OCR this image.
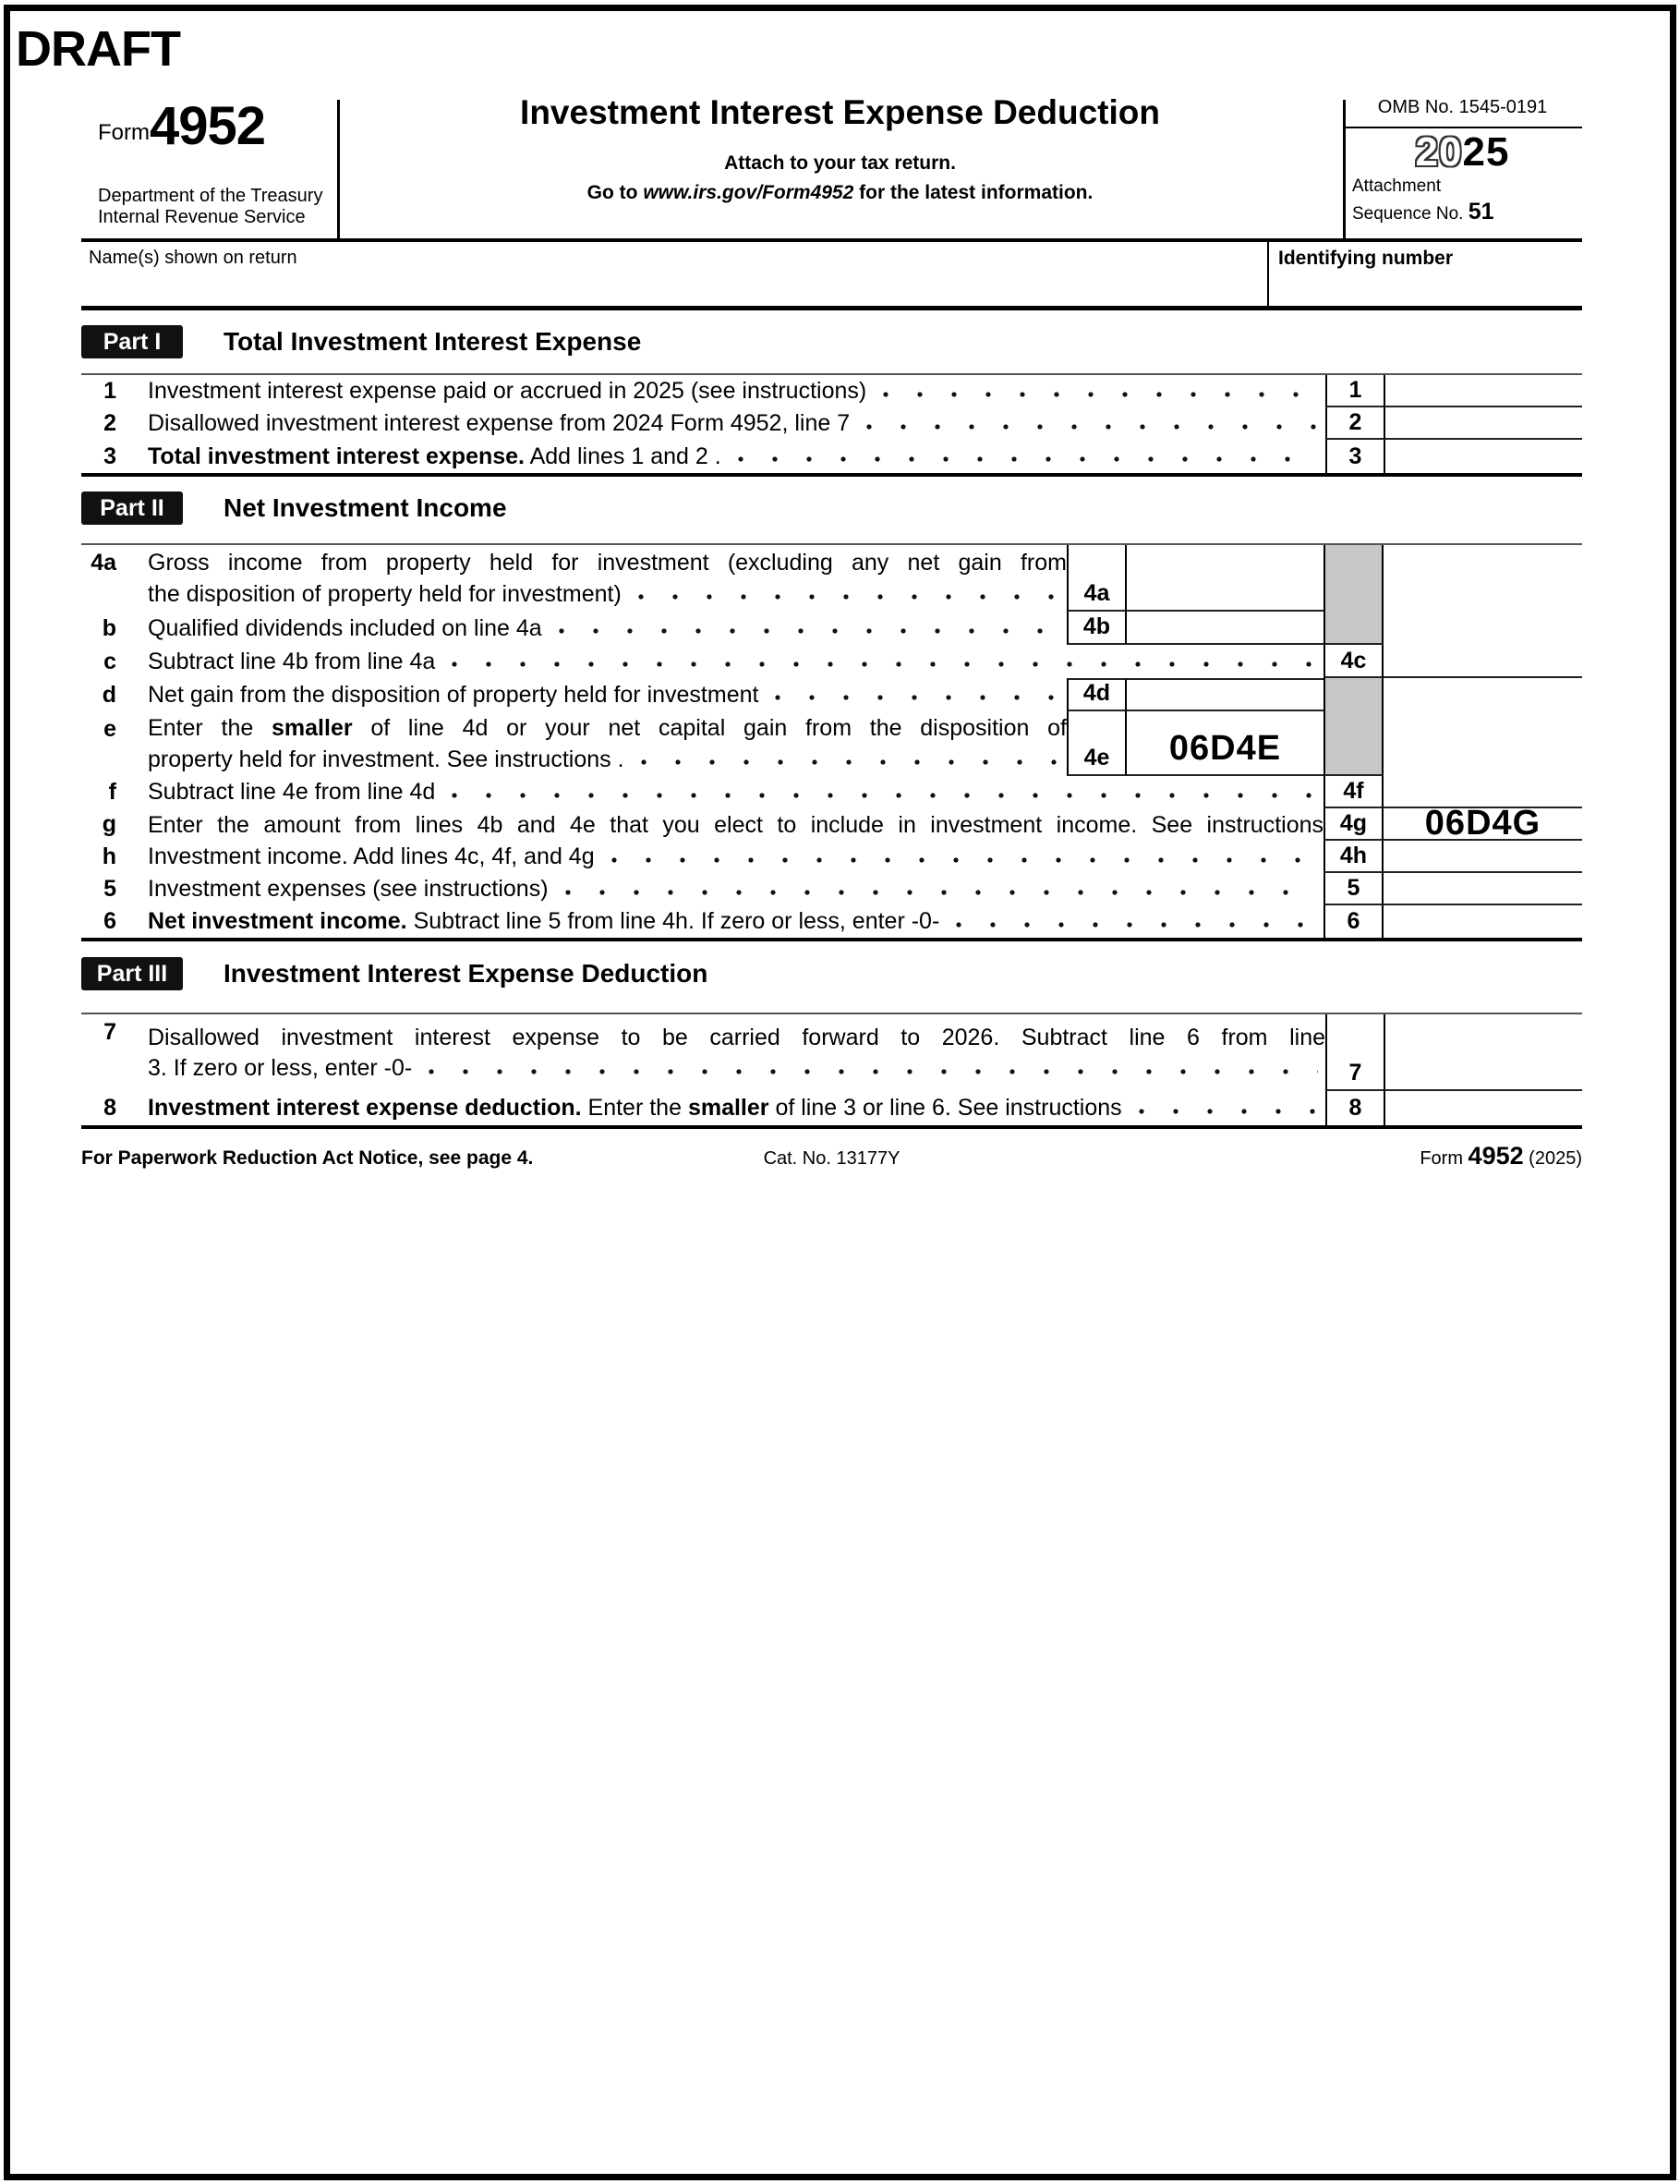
DRAFT
Form 4952
Department of the Treasury
Internal Revenue Service
Investment Interest Expense Deduction
Attach to your tax return.
Go to www.irs.gov/Form4952 for the latest information.
OMB No. 1545-0191
2025
Attachment
Sequence No. 51
Name(s) shown on return	Identifying number
Part I	Total Investment Interest Expense
1	Investment interest expense paid or accrued in 2025 (see instructions)	1
2	Disallowed investment interest expense from 2024 Form 4952, line 7	2
3	Total investment interest expense. Add lines 1 and 2 .	3
Part II	Net Investment Income
4a	Gross income from property held for investment (excluding any net gain from
the disposition of property held for investment)	4a
b	Qualified dividends included on line 4a	4b
c	Subtract line 4b from line 4a	4c
d	Net gain from the disposition of property held for investment	4d
e	Enter the smaller of line 4d or your net capital gain from the disposition of
property held for investment. See instructions .	4e	06D4E
f	Subtract line 4e from line 4d	4f
g	Enter the amount from lines 4b and 4e that you elect to include in investment income. See instructions 4g	06D4G
h	Investment income. Add lines 4c, 4f, and 4g	4h
5	Investment expenses (see instructions)	5
6	Net investment income. Subtract line 5 from line 4h. If zero or less, enter -0-	6
Part III	Investment Interest Expense Deduction
7	Disallowed investment interest expense to be carried forward to 2026. Subtract line 6 from line
3. If zero or less, enter -0-	7
8	Investment interest expense deduction. Enter the smaller of line 3 or line 6. See instructions	8
For Paperwork Reduction Act Notice, see page 4.	Cat. No. 13177Y	Form 4952 (2025)
